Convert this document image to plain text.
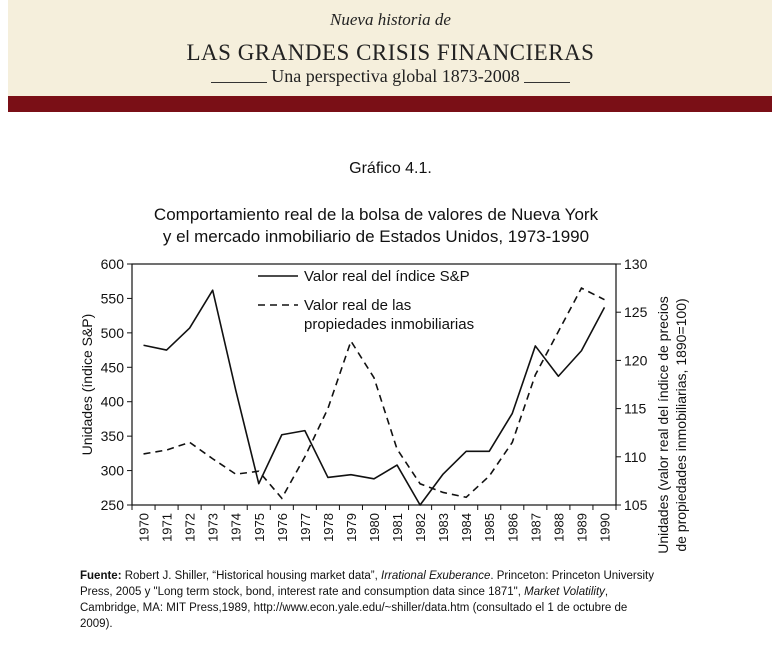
Nueva historia de
LAS GRANDES CRISIS FINANCIERAS
Una perspectiva global 1873-2008
Gráfico 4.1.
Comportamiento real de la bolsa de valores de Nueva York
y el mercado inmobiliario de Estados Unidos, 1973-1990
250
300
350
400
450
500
550
600
105
110
115
120
125
130
1970 1971 1972 1973 1974 1975 1976 1977 1978 1979 1980 1981 1982 1983 1984 1985 1986 1987 1988 1989 1990
Unidades (índice S&P)	Unidades (valor real del índice de precios de propiedades inmobiliarias, 1890=100)
Valor real del índice S&P
Valor real de las
propiedades inmobiliarias
Fuente: Robert J. Shiller, “Historical housing market data”, Irrational Exuberance. Princeton: Princeton University Press, 2005 y "Long term stock, bond, interest rate and consumption data since 1871", Market Volatility, Cambridge, MA: MIT Press,1989, http://www.econ.yale.edu/~shiller/data.htm (consultado el 1 de octubre de 2009).
